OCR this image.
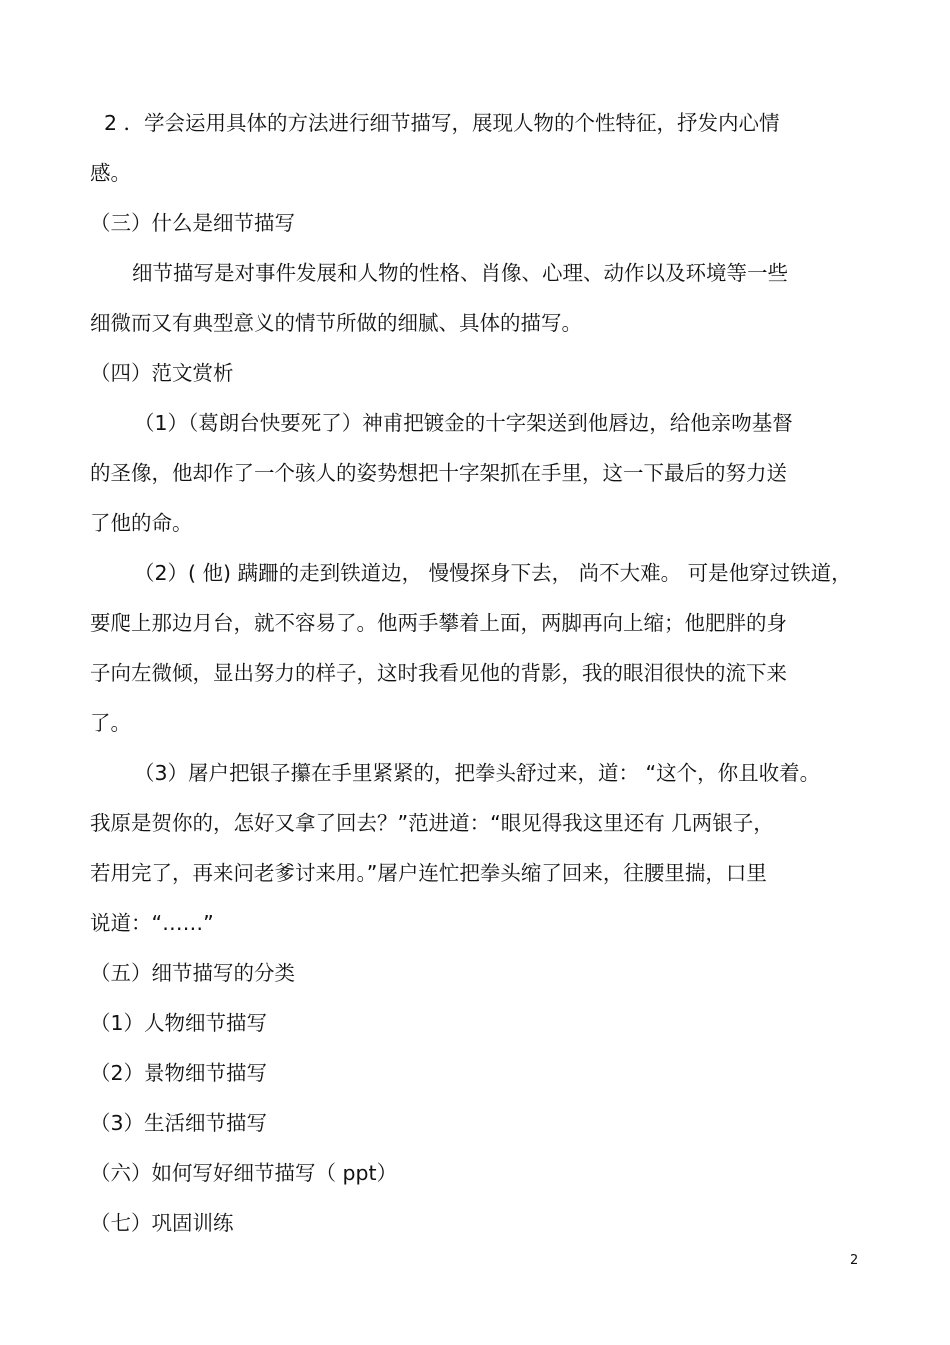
2 ．学会运用具体的方法进行细节描写，展现人物的个性特征，抒发内心情

感。

（三）什么是细节描写

细节描写是对事件发展和人物的性格、肖像、心理、动作以及环境等一些

细微而又有典型意义的情节所做的细腻、具体的描写。

（四）范文赏析

（1）（葛朗台快要死了）神甫把镀金的十字架送到他唇边，给他亲吻基督

的圣像，他却作了一个骇人的姿势想把十字架抓在手里，这一下最后的努力送

了他的命。

（2）( 他) 蹒跚的走到铁道边， 慢慢探身下去， 尚不大难。 可是他穿过铁道，

要爬上那边月台，就不容易了。他两手攀着上面，两脚再向上缩；他肥胖的身

子向左微倾，显出努力的样子，这时我看见他的背影，我的眼泪很快的流下来

了。

（3）屠户把银子攥在手里紧紧的，把拳头舒过来，道： “这个，你且收着。

我原是贺你的，怎好又拿了回去？”范进道：“眼见得我这里还有 几两银子，

若用完了，再来问老爹讨来用。”屠户连忙把拳头缩了回来，往腰里揣，口里

说道：“……”

（五）细节描写的分类

（1）人物细节描写

（2）景物细节描写

（3）生活细节描写

（六）如何写好细节描写（ ppt）

（七）巩固训练

2
